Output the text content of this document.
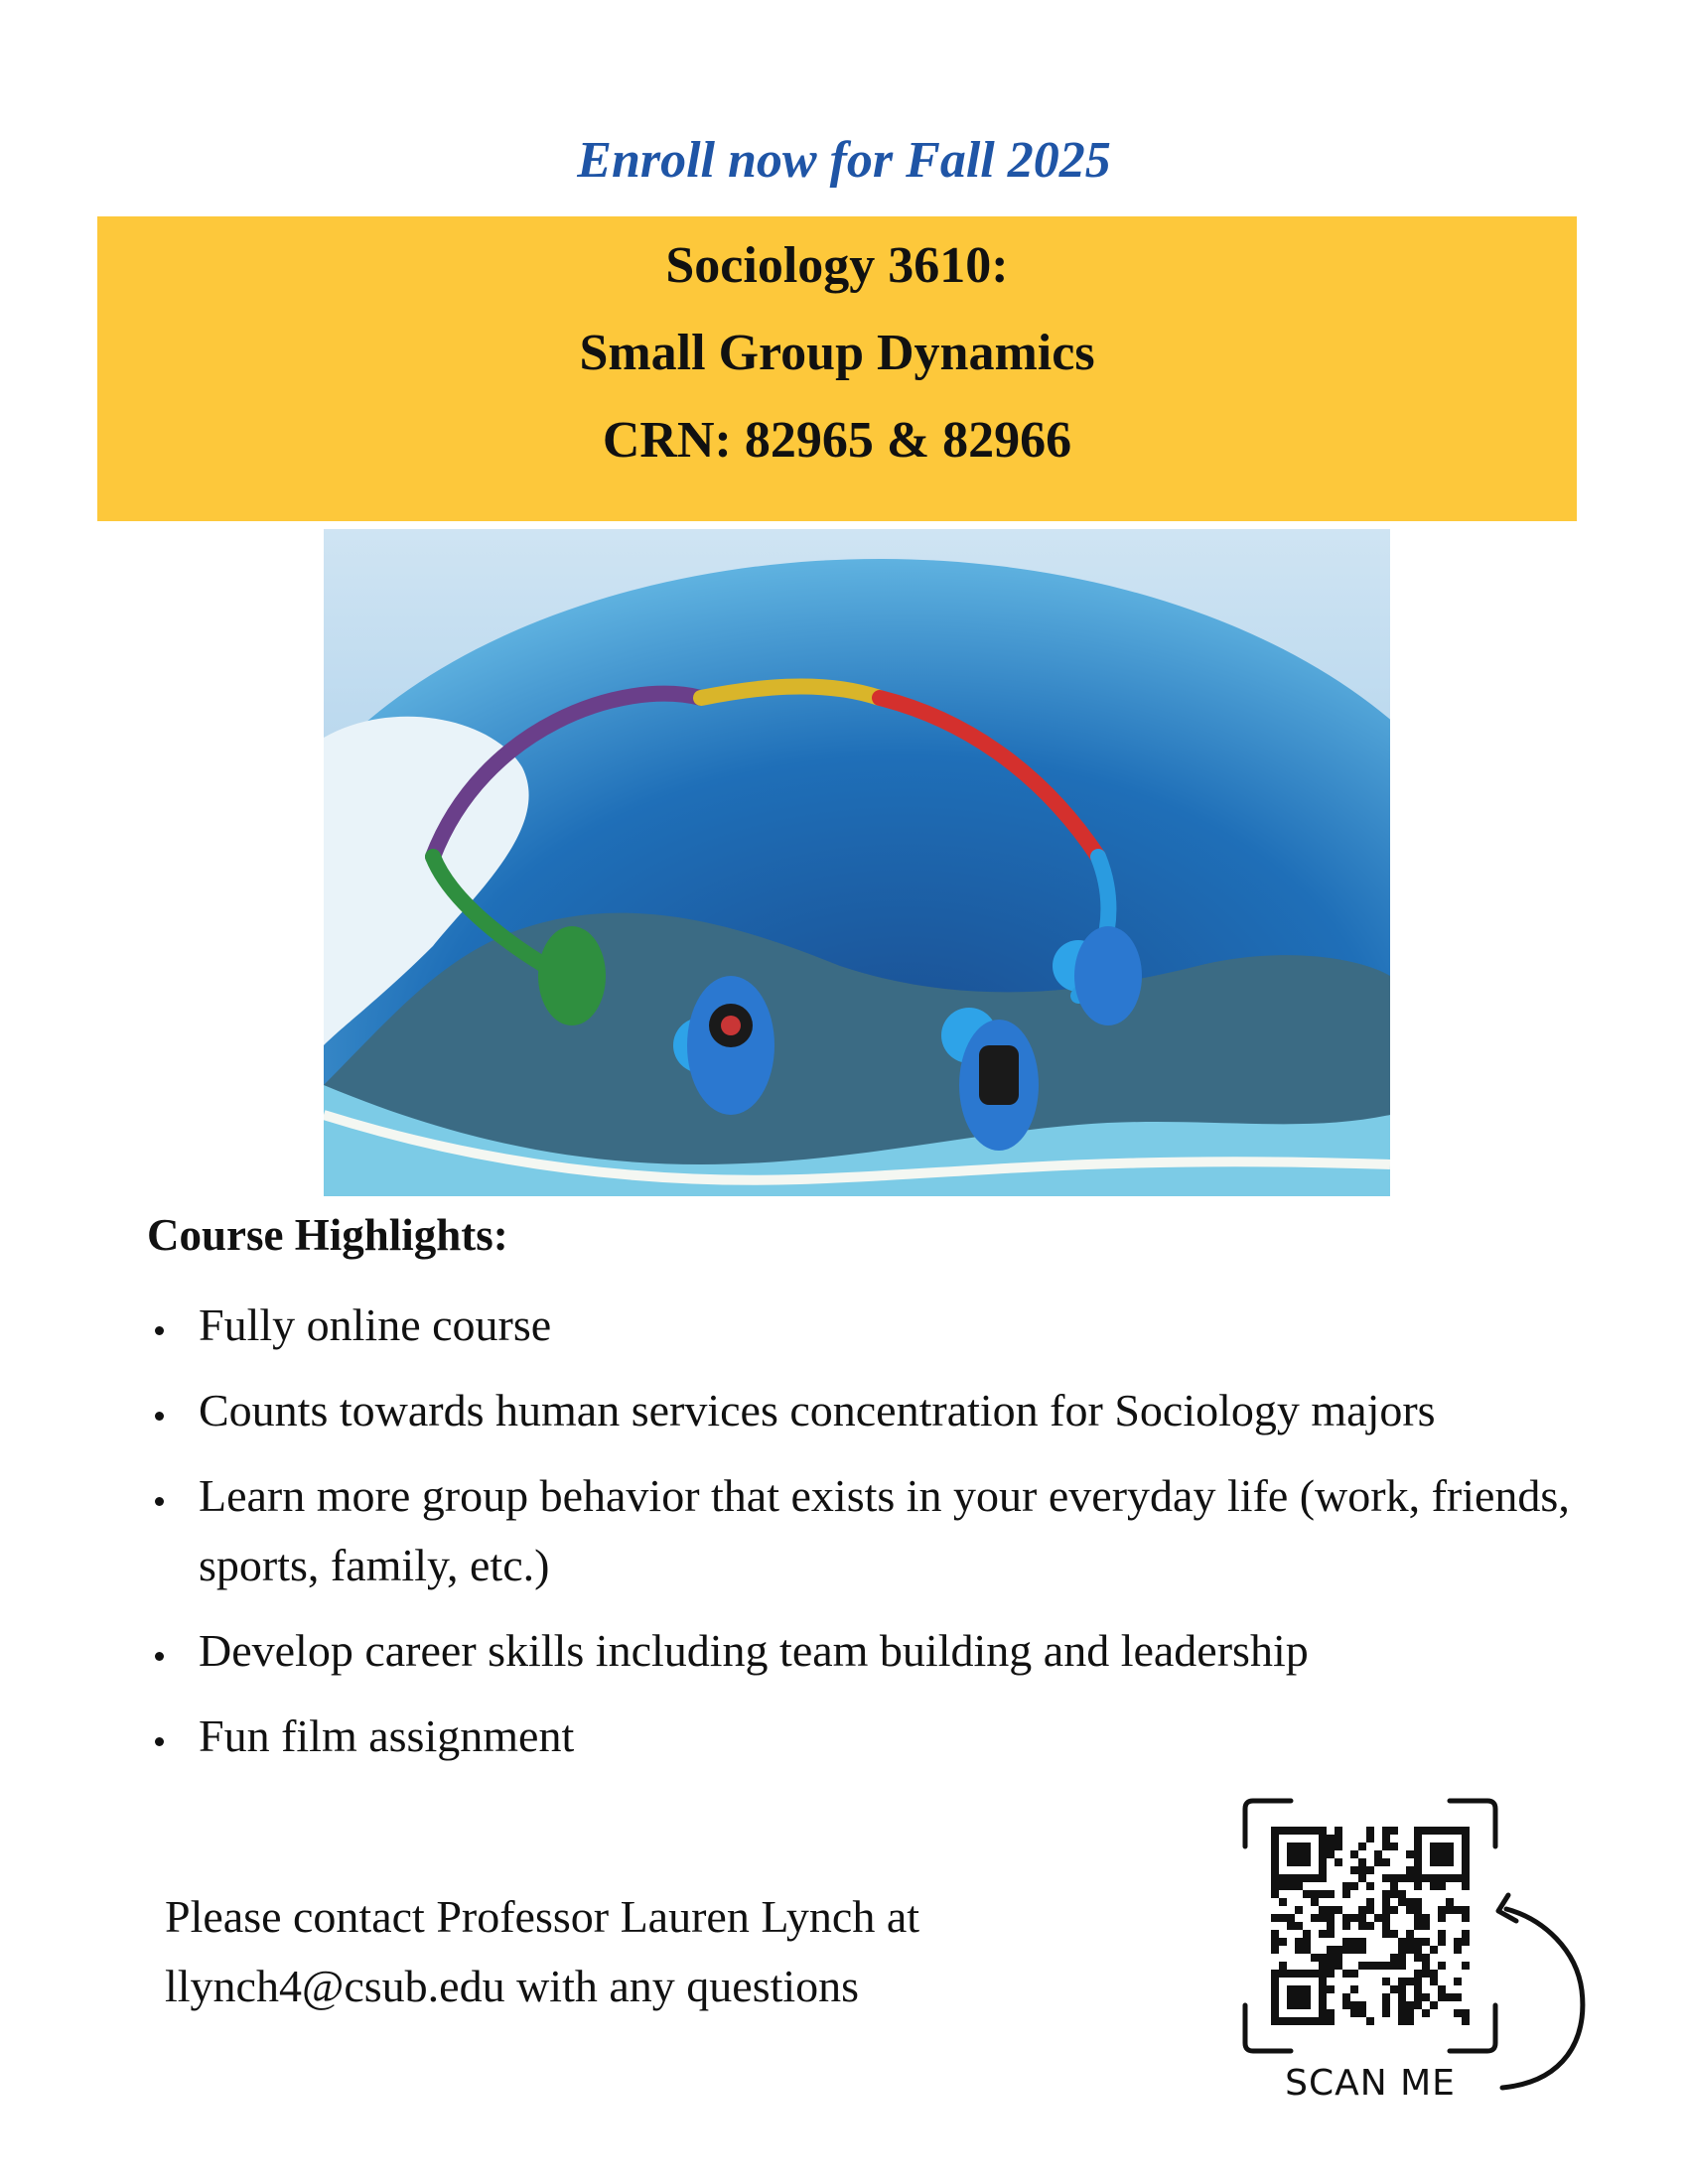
Enroll now for Fall 2025
Sociology 3610:
Small Group Dynamics
CRN: 82965 & 82966
Course Highlights:
Fully online course
Counts towards human services concentration for Sociology majors
Learn more group behavior that exists in your everyday life (work, friends, sports, family, etc.)
Develop career skills including team building and leadership
Fun film assignment
Please contact Professor Lauren Lynch at
llynch4@csub.edu with any questions
SCAN ME
